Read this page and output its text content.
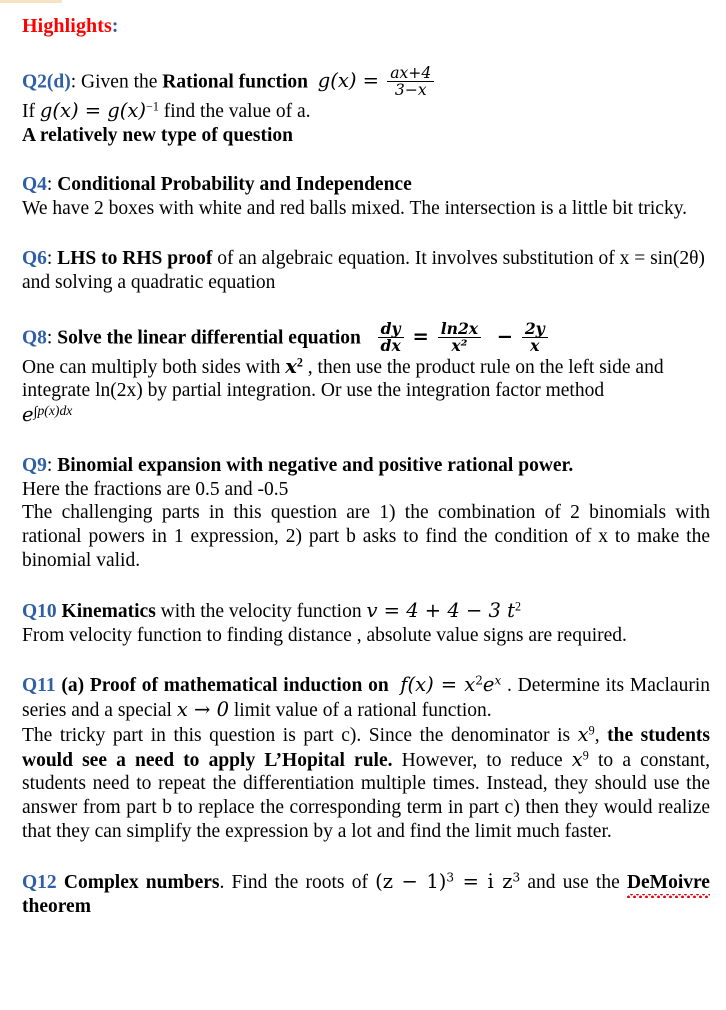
Highlights:

Q2(d): Given the Rational function $g(x) = \frac{ax+4}{3-x}$

If $g(x) = g(x)^{-1}$ find the value of a.

A relatively new type of question

Q4: Conditional Probability and Independence

We have 2 boxes with white and red balls mixed. The intersection is a little bit tricky.

Q6: LHS to RHS proof of an algebraic equation. It involves substitution of x = sin(2θ) and solving a quadratic equation

Q8: Solve the linear differential equation $\frac{dy}{dx} = \frac{\ln 2x}{\text{x²}} - \frac{2y}{x}$

One can multiply both sides with $x^2$ , then use the product rule on the left side and integrate ln(2x) by partial integration. Or use the integration factor method

$e^{\int p(x)dx}$

Q9: Binomial expansion with negative and positive rational power.

Here the fractions are 0.5 and -0.5

The challenging parts in this question are 1) the combination of 2 binomials with rational powers in 1 expression, 2) part b asks to find the condition of x to make the binomial valid.

Q10 Kinematics with the velocity function v = 4 + 4 − 3 $t^2$

From velocity function to finding distance , absolute value signs are required.

Q11 (a) Proof of mathematical induction on $f(x) = x^2e^x$ . Determine its Maclaurin series and a special x → 0 limit value of a rational function.

The tricky part in this question is part c). Since the denominator is $x^9$, the students would see a need to apply L’Hopital rule. However, to reduce $x^9$ to a constant, students need to repeat the differentiation multiple times. Instead, they should use the answer from part b to replace the corresponding term in part c) then they would realize that they can simplify the expression by a lot and find the limit much faster.

Q12 Complex numbers. Find the roots of $(z - 1)^3 = i$ $z^3$ and use the DeMoivre theorem
